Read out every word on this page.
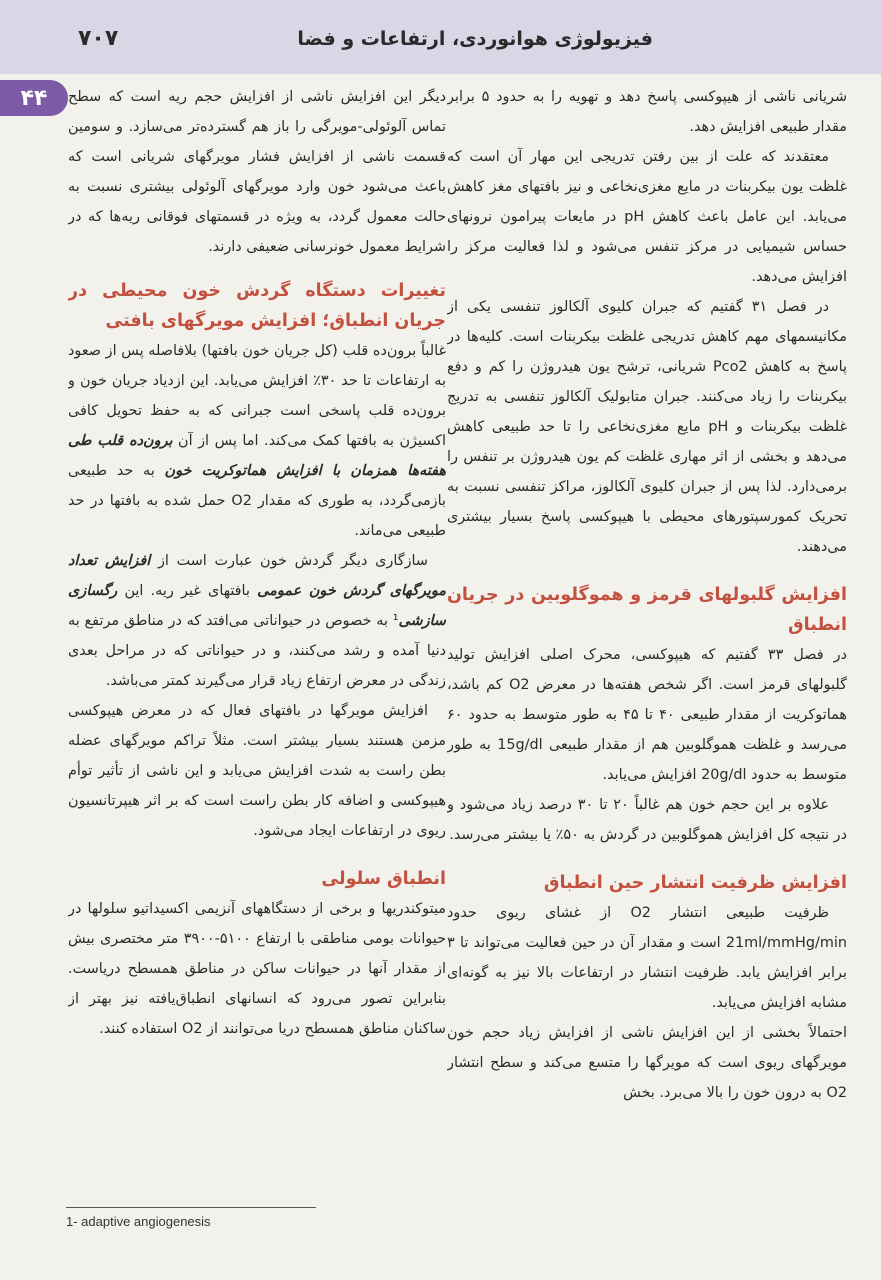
فیزیولوژی هوانوردی، ارتفاعات و فضا
۷۰۷
۴۴	شریانی ناشی از هیپوکسی پاسخ دهد و تهویه را به حدود ۵ برابر مقدار طبیعی افزایش دهد.

معتقدند که علت از بین رفتن تدریجی این مهار آن است که غلظت یون بیکربنات در مایع مغزی‌نخاعی و نیز بافتهای مغز کاهش می‌یابد. این عامل باعث کاهش pH در مایعات پیرامون نرونهای حساس شیمیایی در مرکز تنفس می‌شود و لذا فعالیت مرکز را افزایش می‌دهد.

در فصل ۳۱ گفتیم که جبران کلیوی آلکالوز تنفسی یکی از مکانیسمهای مهم کاهش تدریجی غلظت بیکربنات است. کلیه‌ها در پاسخ به کاهش Pco2 شریانی، ترشح یون هیدروژن را کم و دفع بیکربنات را زیاد می‌کنند. جبران متابولیک آلکالوز تنفسی به تدریج غلظت بیکربنات و pH مایع مغزی‌نخاعی را تا حد طبیعی کاهش می‌دهد و بخشی از اثر مهاری غلظت کم یون هیدروژن بر تنفس را برمی‌دارد. لذا پس از جبران کلیوی آلکالوز، مراکز تنفسی نسبت به تحریک کمورسپتورهای محیطی با هیپوکسی پاسخ بسیار بیشتری می‌دهند.

افزایش گلبولهای قرمز و هموگلوبین در جریان انطباق

در فصل ۳۳ گفتیم که هیپوکسی، محرک اصلی افزایش تولید گلبولهای قرمز است. اگر شخص هفته‌ها در معرض O2 کم باشد، هماتوکریت از مقدار طبیعی ۴۰ تا ۴۵ به طور متوسط به حدود ۶۰ می‌رسد و غلظت هموگلوبین هم از مقدار طبیعی 15g/dl به طور متوسط به حدود 20g/dl افزایش می‌یابد.

علاوه بر این حجم خون هم غالباً ۲۰ تا ۳۰ درصد زیاد می‌شود و در نتیجه کل افزایش هموگلوبین در گردش به ۵۰٪ یا بیشتر می‌رسد.

افزایش ظرفیت انتشار حین انطباق

ظرفیت طبیعی انتشار O2 از غشای ریوی حدود 21ml/mmHg/min است و مقدار آن در حین فعالیت می‌تواند تا ۳ برابر افزایش یابد. ظرفیت انتشار در ارتفاعات بالا نیز به گونه‌ای مشابه افزایش می‌یابد.

احتمالاً بخشی از این افزایش ناشی از افزایش زیاد حجم خون مویرگهای ریوی است که مویرگها را متسع می‌کند و سطح انتشار O2 به درون خون را بالا می‌برد. بخش

دیگر این افزایش ناشی از افزایش حجم ریه است که سطح تماس آلوئولی-مویرگی را باز هم گسترده‌تر می‌سازد. و سومین قسمت ناشی از افزایش فشار مویرگهای شریانی است که باعث می‌شود خون وارد مویرگهای آلوئولی بیشتری نسبت به حالت معمول گردد، به ویژه در قسمتهای فوقانی ریه‌ها که در شرایط معمول خونرسانی ضعیفی دارند.

تغییرات دستگاه گردش خون محیطی در جریان انطباق؛ افزایش مویرگهای بافتی

غالباً برون‌ده قلب (کل جریان خون بافتها) بلافاصله پس از صعود به ارتفاعات تا حد ۳۰٪ افزایش می‌یابد. این ازدیاد جریان خون و برون‌ده قلب پاسخی است جبرانی که به حفظ تحویل کافی اکسیژن به بافتها کمک می‌کند. اما پس از آن برون‌ده قلب طی هفته‌ها همزمان با افزایش هماتوکریت خون به حد طبیعی بازمی‌گردد، به طوری که مقدار O2 حمل شده به بافتها در حد طبیعی می‌ماند.

سازگاری دیگر گردش خون عبارت است از افزایش تعداد مویرگهای گردش خون عمومی بافتهای غیر ریه. این رگسازی سازشی¹ به خصوص در حیواناتی می‌افتد که در مناطق مرتفع به دنیا آمده و رشد می‌کنند، و در حیواناتی که در مراحل بعدی زندگی در معرض ارتفاع زیاد قرار می‌گیرند کمتر می‌باشد.

افزایش مویرگها در بافتهای فعال که در معرض هیپوکسی مزمن هستند بسیار بیشتر است. مثلاً تراکم مویرگهای عضله بطن راست به شدت افزایش می‌یابد و این ناشی از تأثیر توأم هیپوکسی و اضافه کار بطن راست است که بر اثر هیپرتانسیون ریوی در ارتفاعات ایجاد می‌شود.

انطباق سلولی

میتوکندریها و برخی از دستگاههای آنزیمی اکسیداتیو سلولها در حیوانات بومی مناطقی با ارتفاع ۵۱۰۰-۳۹۰۰ متر مختصری بیش از مقدار آنها در حیوانات ساکن در مناطق همسطح دریاست. بنابراین تصور می‌رود که انسانهای انطباق‌یافته نیز بهتر از ساکنان مناطق همسطح دریا می‌توانند از O2 استفاده کنند.

1- adaptive angiogenesis
